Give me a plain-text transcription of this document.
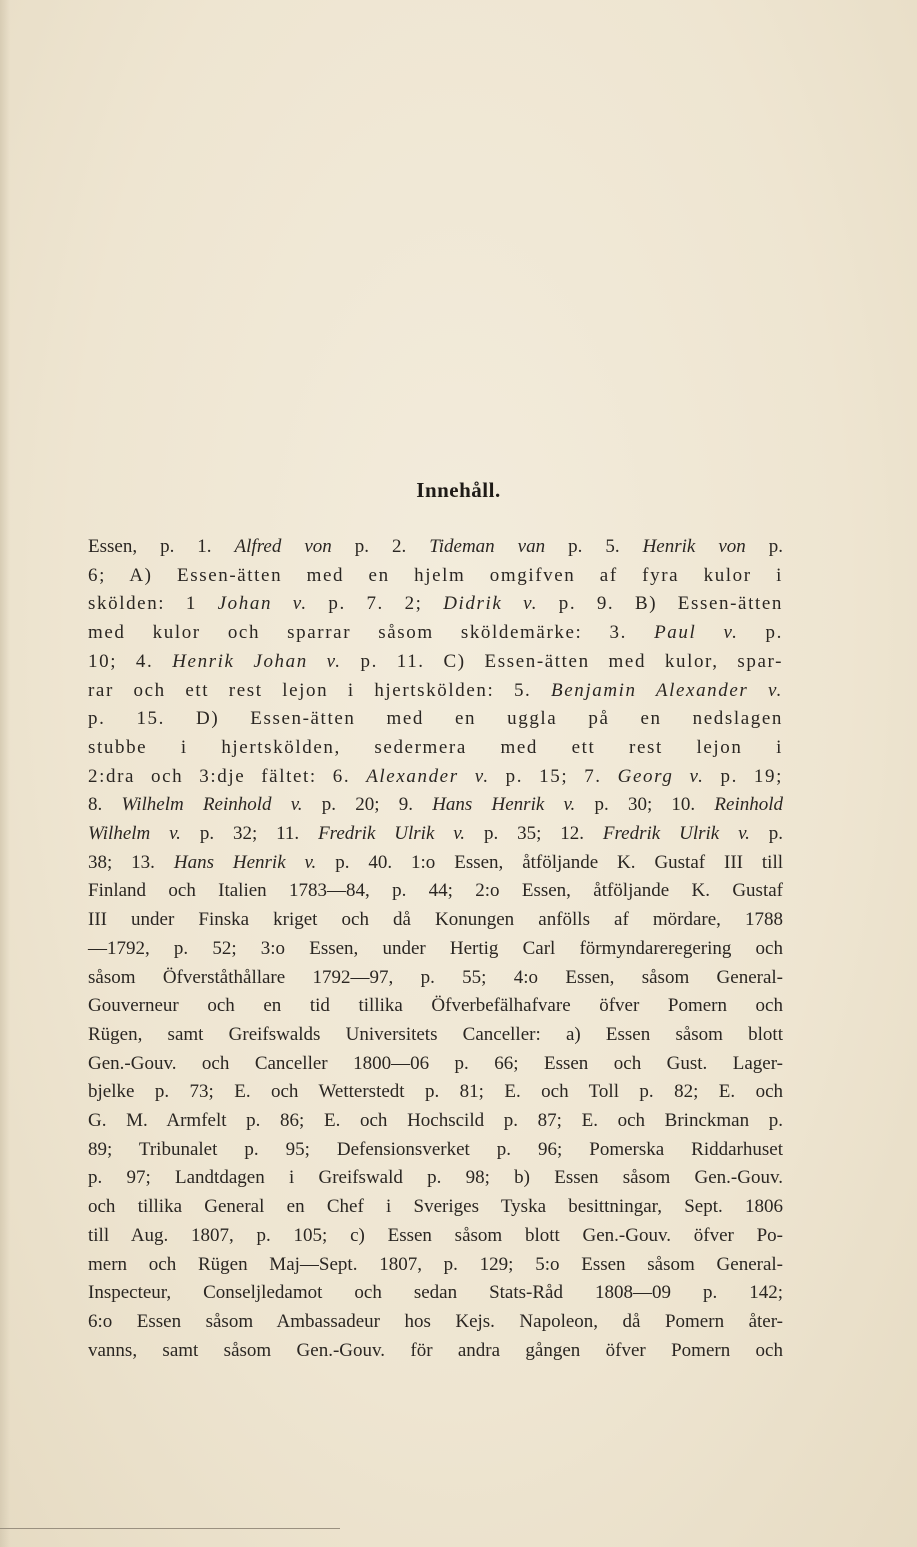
Innehåll.
Essen, p. 1. Alfred von p. 2. Tideman van p. 5. Henrik von p.
6; A) Essen-ätten med en hjelm omgifven af fyra kulor i
skölden: 1 Johan v. p. 7. 2; Didrik v. p. 9. B) Essen-ätten
med kulor och sparrar såsom sköldemärke: 3. Paul v. p.
10; 4. Henrik Johan v. p. 11. C) Essen-ätten med kulor, spar-
rar och ett rest lejon i hjertskölden: 5. Benjamin Alexander v.
p. 15. D) Essen-ätten med en uggla på en nedslagen
stubbe i hjertskölden, sedermera med ett rest lejon i
2:dra och 3:dje fältet: 6. Alexander v. p. 15; 7. Georg v. p. 19;
8. Wilhelm Reinhold v. p. 20; 9. Hans Henrik v. p. 30; 10. Reinhold
Wilhelm v. p. 32; 11. Fredrik Ulrik v. p. 35; 12. Fredrik Ulrik v. p.
38; 13. Hans Henrik v. p. 40. 1:o Essen, åtföljande K. Gustaf III till
Finland och Italien 1783—84, p. 44; 2:o Essen, åtföljande K. Gustaf
III under Finska kriget och då Konungen anfölls af mördare, 1788
—1792, p. 52; 3:o Essen, under Hertig Carl förmyndareregering och
såsom Öfverståthållare 1792—97, p. 55; 4:o Essen, såsom General-
Gouverneur och en tid tillika Öfverbefälhafvare öfver Pomern och
Rügen, samt Greifswalds Universitets Canceller: a) Essen såsom blott
Gen.-Gouv. och Canceller 1800—06 p. 66; Essen och Gust. Lager-
bjelke p. 73; E. och Wetterstedt p. 81; E. och Toll p. 82; E. och
G. M. Armfelt p. 86; E. och Hochscild p. 87; E. och Brinckman p.
89; Tribunalet p. 95; Defensionsverket p. 96; Pomerska Riddarhuset
p. 97; Landtdagen i Greifswald p. 98; b) Essen såsom Gen.-Gouv.
och tillika General en Chef i Sveriges Tyska besittningar, Sept. 1806
till Aug. 1807, p. 105; c) Essen såsom blott Gen.-Gouv. öfver Po-
mern och Rügen Maj—Sept. 1807, p. 129; 5:o Essen såsom General-
Inspecteur, Conseljledamot och sedan Stats-Råd 1808—09 p. 142;
6:o Essen såsom Ambassadeur hos Kejs. Napoleon, då Pomern åter-
vanns, samt såsom Gen.-Gouv. för andra gången öfver Pomern och
